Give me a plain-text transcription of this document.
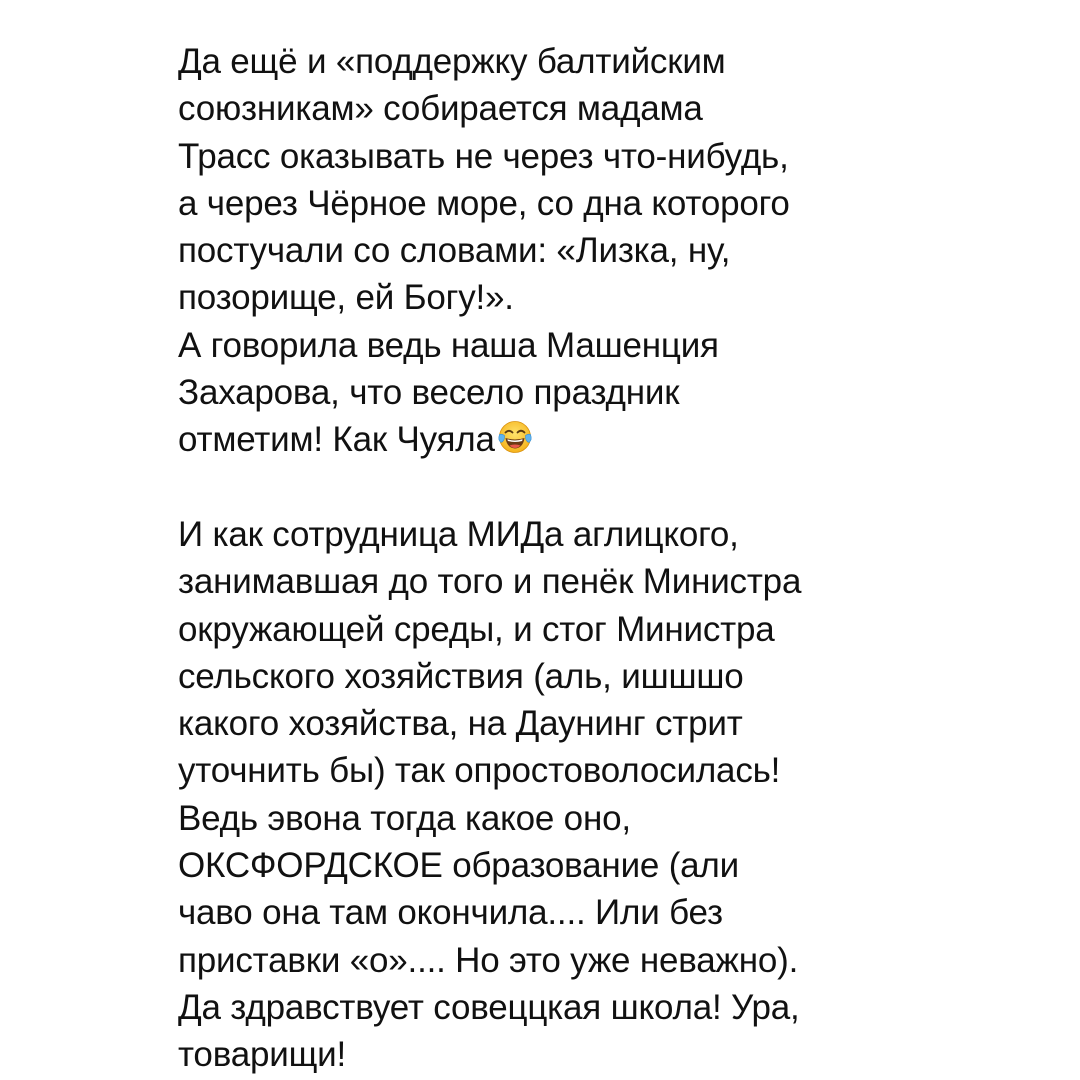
Да ещё и «поддержку балтийским
союзникам» собирается мадама
Трасс оказывать не через что-нибудь,
а через Чёрное море, со дна которого
постучали со словами: «Лизка, ну,
позорище, ей Богу!».
А говорила ведь наша Машенция
Захарова, что весело праздник
отметим! Как Чуяла
И как сотрудница МИДа аглицкого,
занимавшая до того и пенёк Министра
окружающей среды, и стог Министра
сельского хозяйствия (аль, ишшшо
какого хозяйства, на Даунинг стрит
уточнить бы) так опростоволосилась!
Ведь эвона тогда какое оно,
ОКСФОРДСКОЕ образование (али
чаво она там окончила.... Или без
приставки «о».... Но это уже неважно).
Да здравствует совеццкая школа! Ура,
товарищи!
